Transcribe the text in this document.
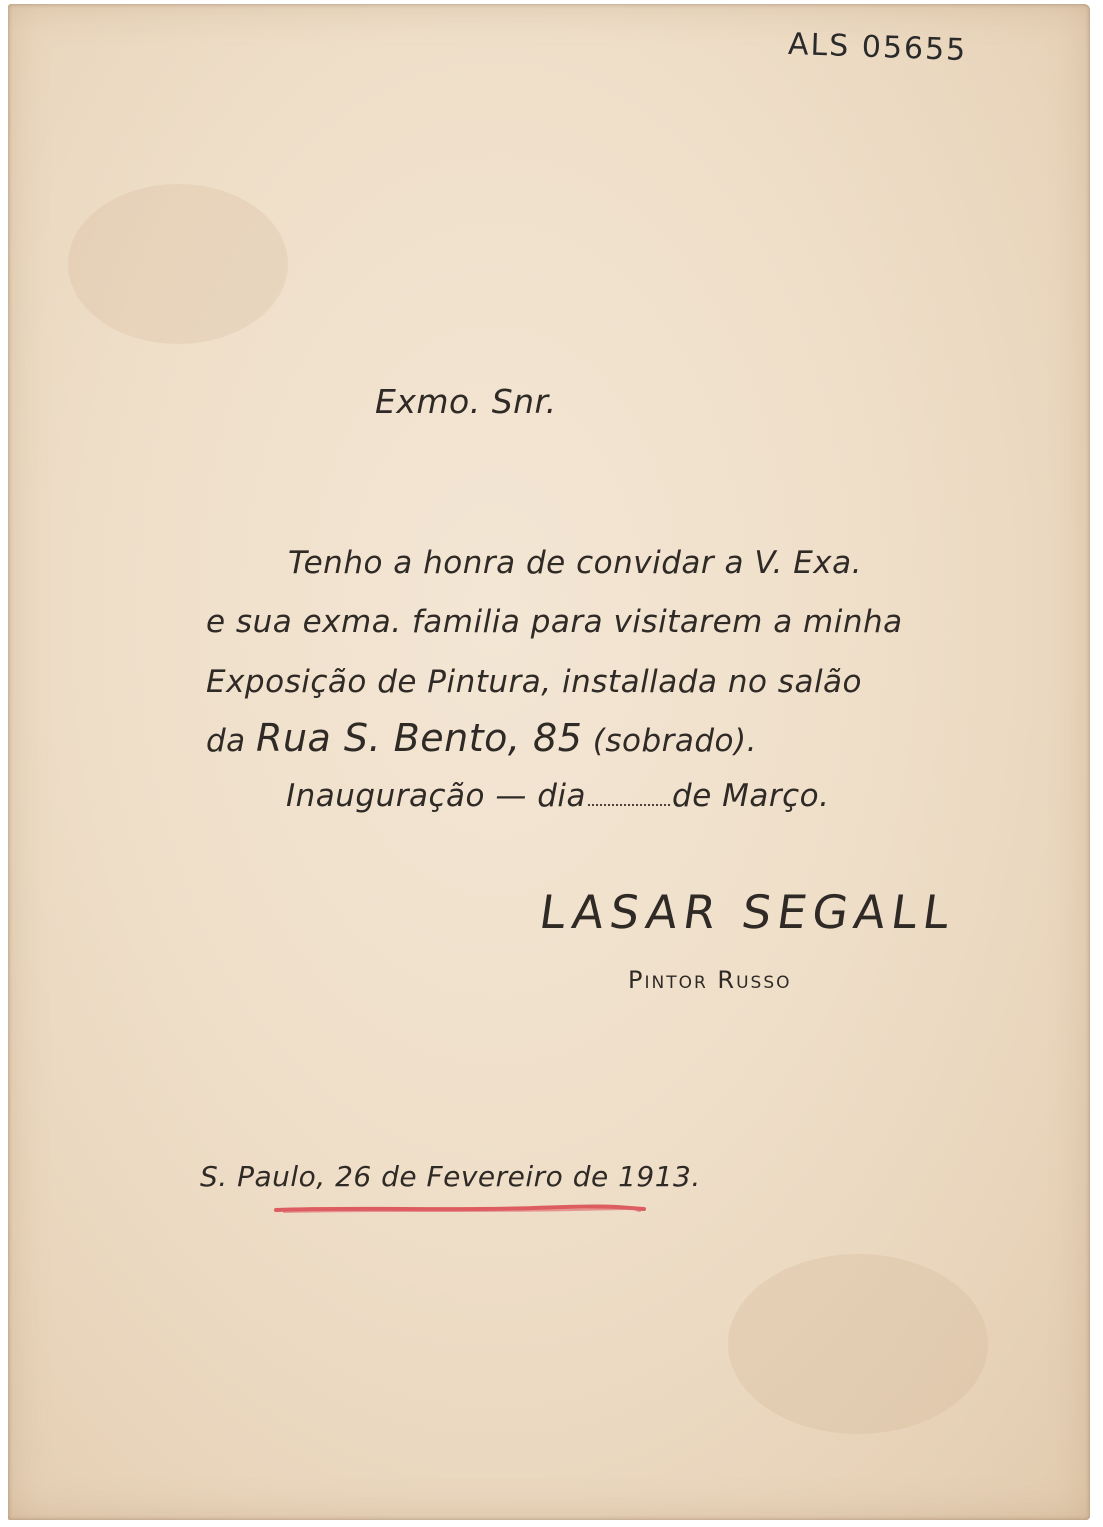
ALS 05655
Exmo. Snr.
Tenho a honra de convidar a V. Exa.
e sua exma. familia para visitarem a minha
Exposição de Pintura, installada no salão
da Rua S. Bento, 85 (sobrado).
Inauguração — dia	de Março.
LASAR SEGALL
Pintor Russo
S. Paulo, 26 de Fevereiro de 1913.
